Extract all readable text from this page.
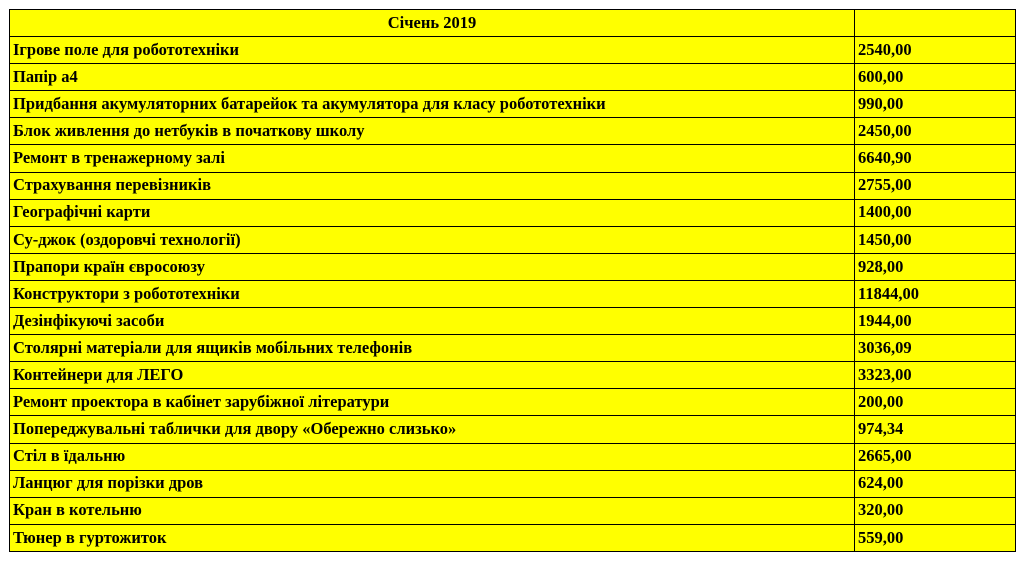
Січень 2019	
Ігрове поле для робототехніки	2540,00
Папір а4	600,00
Придбання акумуляторних батарейок та акумулятора для класу робототехніки	990,00
Блок живлення до нетбуків в початкову школу	2450,00
Ремонт в тренажерному залі	6640,90
Страхування перевізників	2755,00
Географічні карти	1400,00
Су-джок (оздоровчі технології)	1450,00
Прапори країн євросоюзу	928,00
Конструктори з робототехніки	11844,00
Дезінфікуючі засоби	1944,00
Столярні матеріали для ящиків мобільних телефонів	3036,09
Контейнери для ЛЕГО	3323,00
Ремонт проектора в кабінет зарубіжної літератури	200,00
Попереджувальні таблички для двору «Обережно слизько»	974,34
Стіл в їдальню	2665,00
Ланцюг для порізки дров	624,00
Кран в котельню	320,00
Тюнер в гуртожиток	559,00
